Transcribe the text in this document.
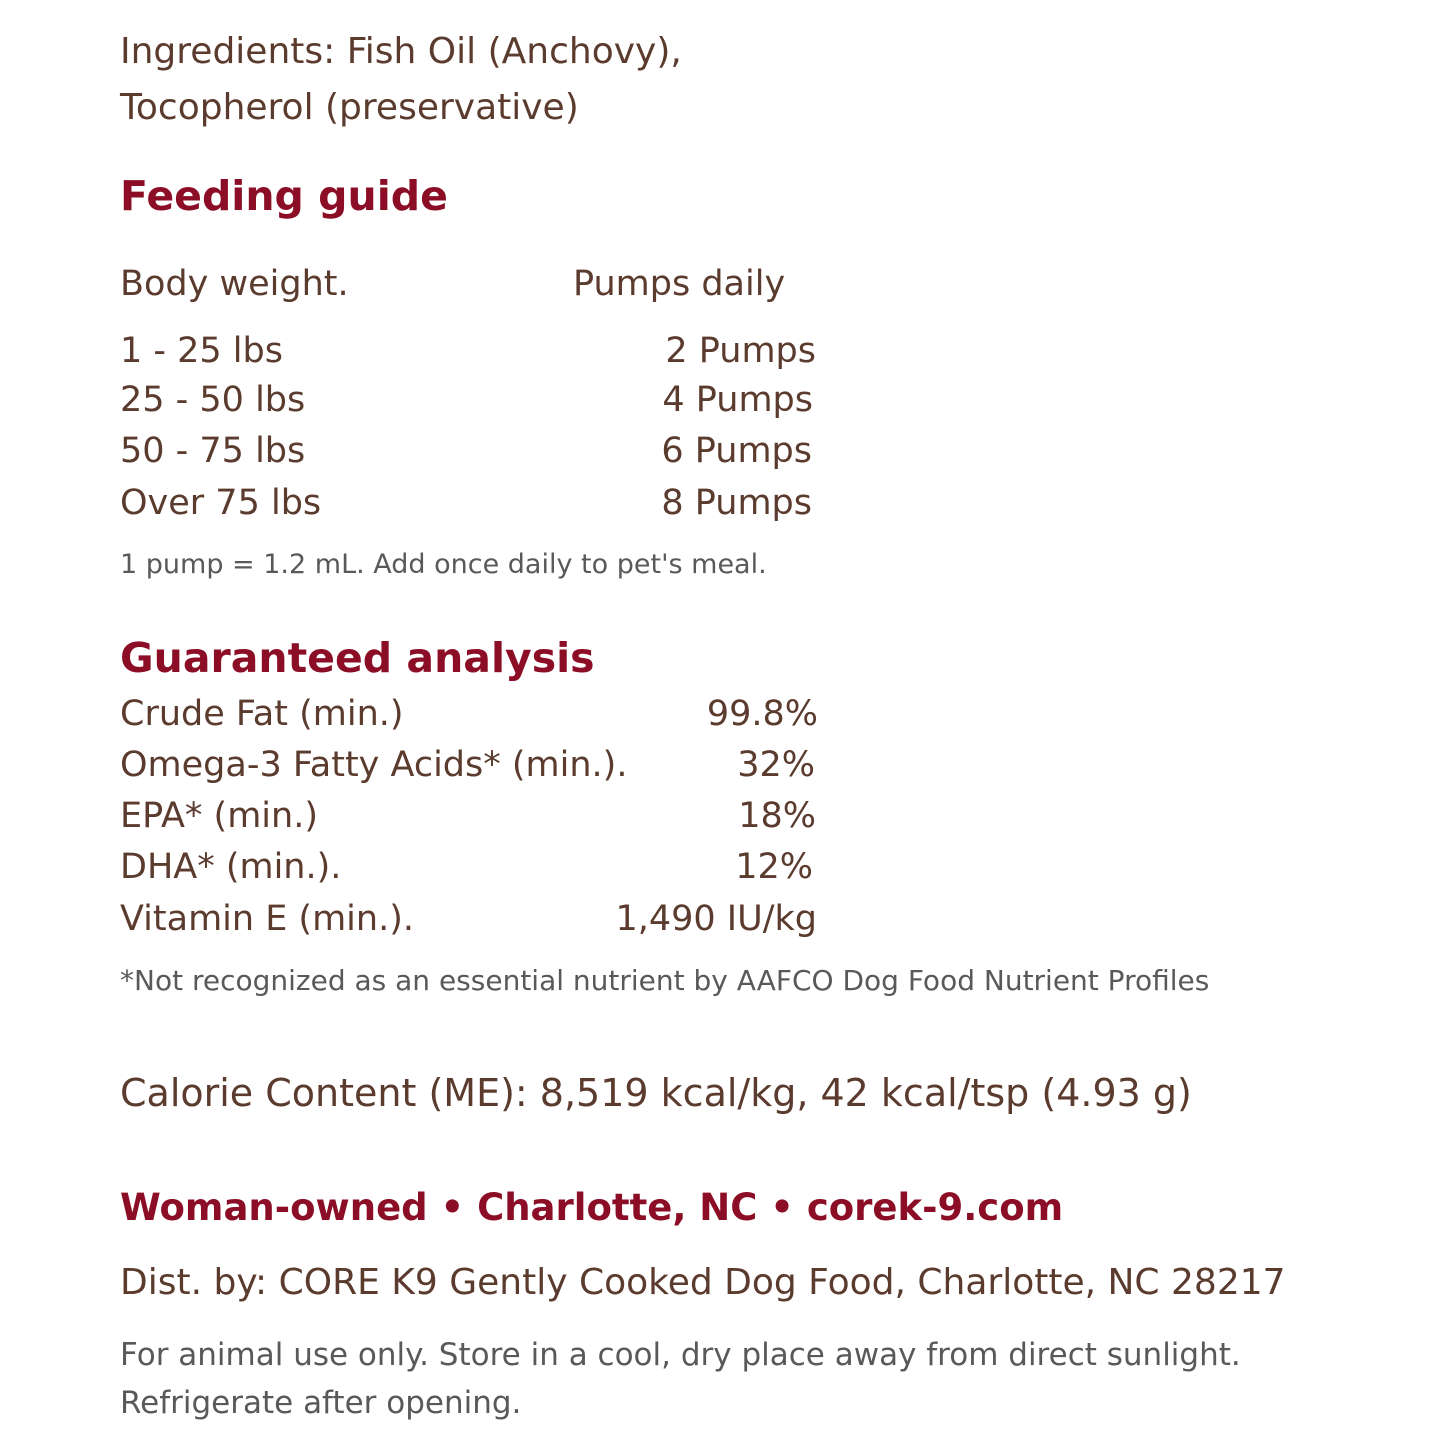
Ingredients: Fish Oil (Anchovy),
Tocopherol (preservative)
Feeding guide
Body weight.	Pumps daily
1 - 25 lbs	2 Pumps
25 - 50 lbs	4 Pumps
50 - 75 lbs	6 Pumps
Over 75 lbs	8 Pumps
1 pump = 1.2 mL. Add once daily to pet's meal.
Guaranteed analysis
Crude Fat (min.)	99.8%
Omega-3 Fatty Acids* (min.).	32%
EPA* (min.)	18%
DHA* (min.).	12%
Vitamin E (min.).	1,490 IU/kg
*Not recognized as an essential nutrient by AAFCO Dog Food Nutrient Profiles
Calorie Content (ME): 8,519 kcal/kg, 42 kcal/tsp (4.93 g)
Woman-owned • Charlotte, NC • corek-9.com
Dist. by: CORE K9 Gently Cooked Dog Food, Charlotte, NC 28217
For animal use only. Store in a cool, dry place away from direct sunlight.
Refrigerate after opening.
